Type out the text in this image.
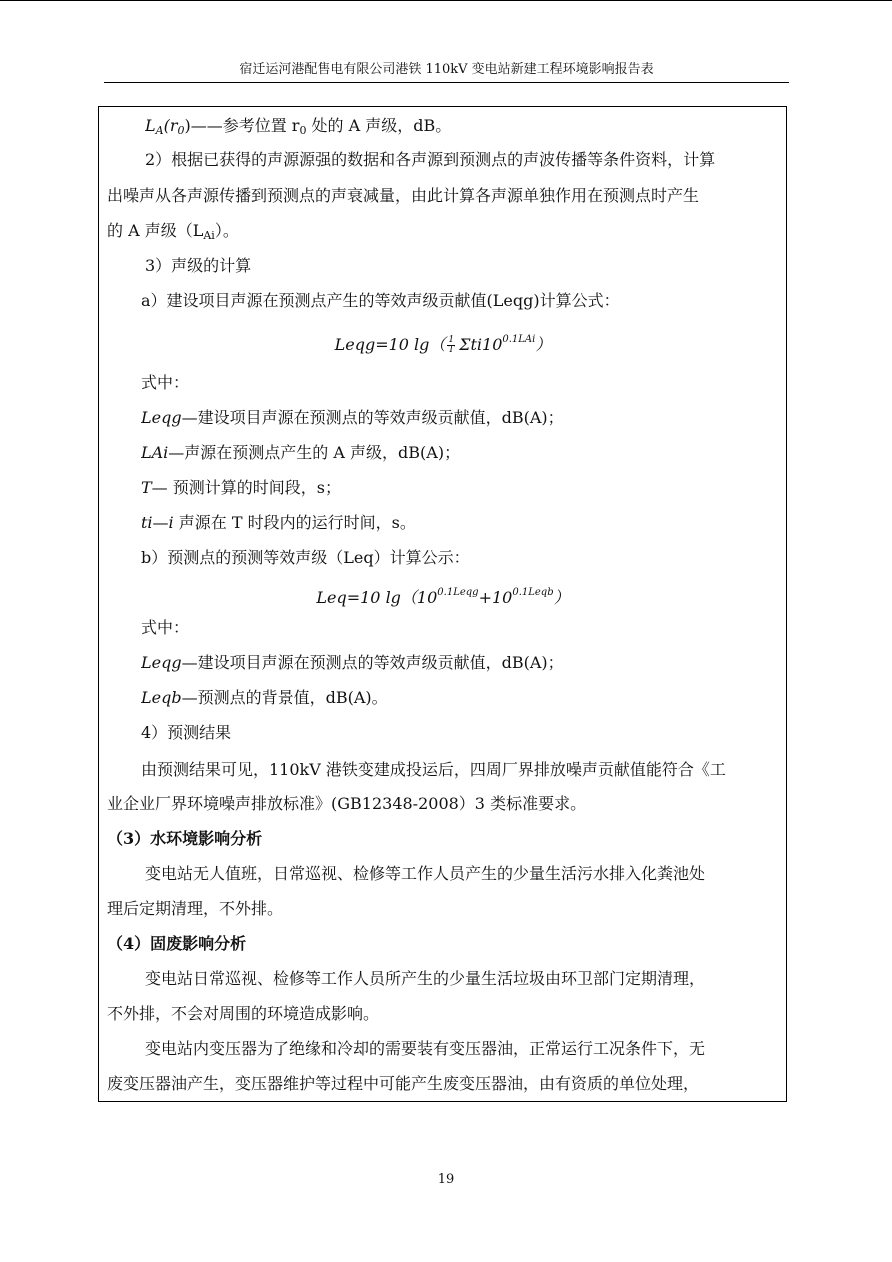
宿迁运河港配售电有限公司港铁 110kV 变电站新建工程环境影响报告表
$L_A(r_0)——$参考位置 $r_0$ 处的 A 声级，dB。
2）根据已获得的声源源强的数据和各声源到预测点的声波传播等条件资料，计算
出噪声从各声源传播到预测点的声衰减量，由此计算各声源单独作用在预测点时产生
的 A 声级$(L_{Ai})$。
3）声级的计算
a）建设项目声源在预测点产生的等效声级贡献值(Leqg)计算公式：
Leqg=10 $\lg( \frac{1}{T} \Sigma ti10^{0.1LAi})$
式中：
Leqg—建设项目声源在预测点的等效声级贡献值，dB(A)；
LAi—声源在预测点产生的 A 声级，dB(A)；
T— 预测计算的时间段，s；
ti—i 声源在 T 时段内的运行时间，s。
b）预测点的预测等效声级（Leq）计算公示：
Leq=10 $\lg(10^{0.1Leqg}+10^{0.1Leqb})$
式中：
Leqg—建设项目声源在预测点的等效声级贡献值，dB(A)；
Leqb—预测点的背景值，dB(A)。
4）预测结果
由预测结果可见，110kV 港铁变建成投运后，四周厂界排放噪声贡献值能符合《工
业企业厂界环境噪声排放标准》(GB12348-2008）3 类标准要求。
（3）水环境影响分析
变电站无人值班，日常巡视、检修等工作人员产生的少量生活污水排入化粪池处
理后定期清理，不外排。
（4）固废影响分析
变电站日常巡视、检修等工作人员所产生的少量生活垃圾由环卫部门定期清理，
不外排，不会对周围的环境造成影响。
变电站内变压器为了绝缘和冷却的需要装有变压器油，正常运行工况条件下，无
废变压器油产生，变压器维护等过程中可能产生废变压器油，由有资质的单位处理，
19
